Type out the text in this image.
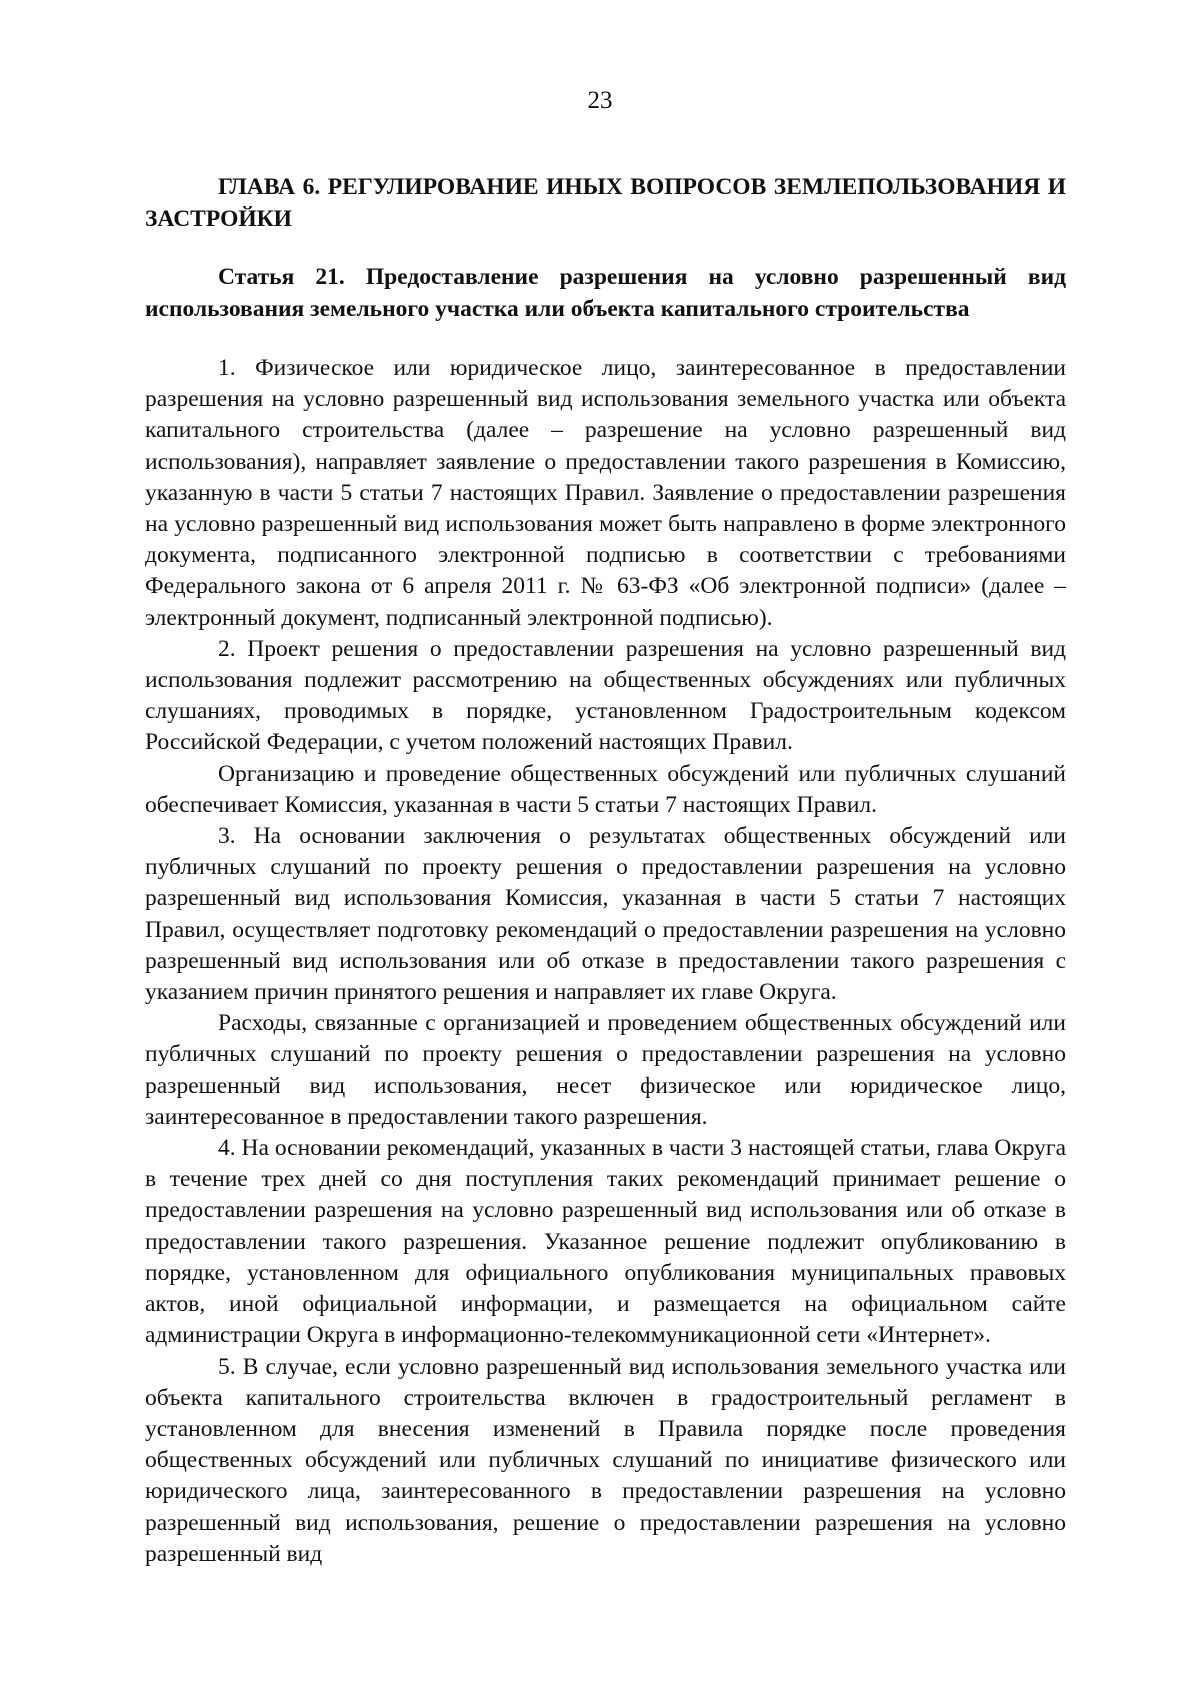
23
ГЛАВА 6. РЕГУЛИРОВАНИЕ ИНЫХ ВОПРОСОВ ЗЕМЛЕПОЛЬЗОВАНИЯ И ЗАСТРОЙКИ
Статья 21. Предоставление разрешения на условно разрешенный вид использования земельного участка или объекта капитального строительства

1. Физическое или юридическое лицо, заинтересованное в предоставлении разрешения на условно разрешенный вид использования земельного участка или объекта капитального строительства (далее – разрешение на условно разрешенный вид использования), направляет заявление о предоставлении такого разрешения в Комиссию, указанную в части 5 статьи 7 настоящих Правил. Заявление о предоставлении разрешения на условно разрешенный вид использования может быть направлено в форме электронного документа, подписанного электронной подписью в соответствии с требованиями Федерального закона от 6 апреля 2011 г. № 63-ФЗ «Об электронной подписи» (далее – электронный документ, подписанный электронной подписью).

2. Проект решения о предоставлении разрешения на условно разрешенный вид использования подлежит рассмотрению на общественных обсуждениях или публичных слушаниях, проводимых в порядке, установленном Градостроительным кодексом Российской Федерации, с учетом положений настоящих Правил.

Организацию и проведение общественных обсуждений или публичных слушаний обеспечивает Комиссия, указанная в части 5 статьи 7 настоящих Правил.

3. На основании заключения о результатах общественных обсуждений или публичных слушаний по проекту решения о предоставлении разрешения на условно разрешенный вид использования Комиссия, указанная в части 5 статьи 7 настоящих Правил, осуществляет подготовку рекомендаций о предоставлении разрешения на условно разрешенный вид использования или об отказе в предоставлении такого разрешения с указанием причин принятого решения и направляет их главе Округа.

Расходы, связанные с организацией и проведением общественных обсуждений или публичных слушаний по проекту решения о предоставлении разрешения на условно разрешенный вид использования, несет физическое или юридическое лицо, заинтересованное в предоставлении такого разрешения.

4. На основании рекомендаций, указанных в части 3 настоящей статьи, глава Округа в течение трех дней со дня поступления таких рекомендаций принимает решение о предоставлении разрешения на условно разрешенный вид использования или об отказе в предоставлении такого разрешения. Указанное решение подлежит опубликованию в порядке, установленном для официального опубликования муниципальных правовых актов, иной официальной информации, и размещается на официальном сайте администрации Округа в информационно-телекоммуникационной сети «Интернет».

5. В случае, если условно разрешенный вид использования земельного участка или объекта капитального строительства включен в градостроительный регламент в установленном для внесения изменений в Правила порядке после проведения общественных обсуждений или публичных слушаний по инициативе физического или юридического лица, заинтересованного в предоставлении разрешения на условно разрешенный вид использования, решение о предоставлении разрешения на условно разрешенный вид
